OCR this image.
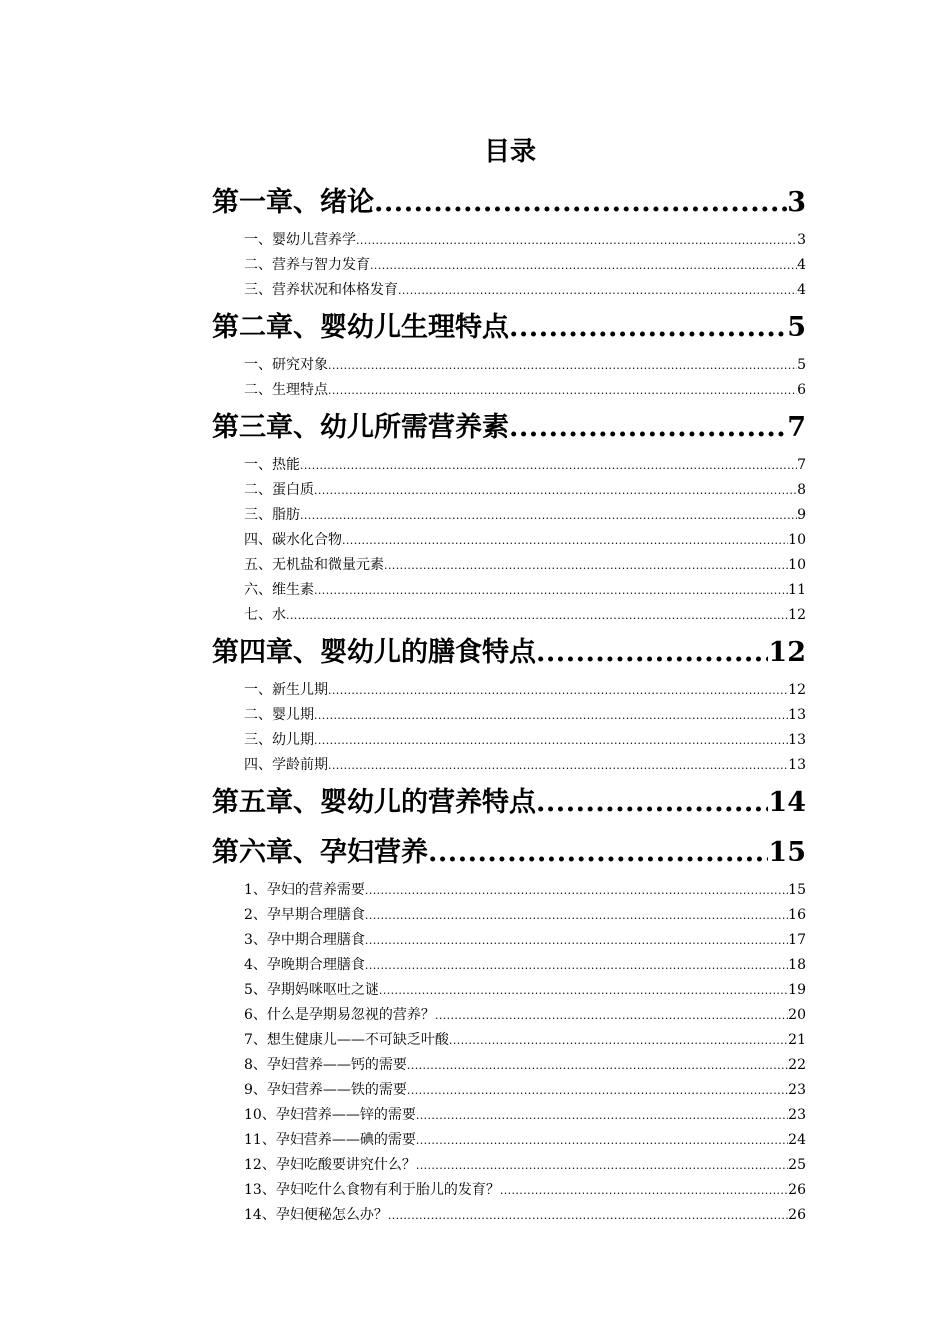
目录
第一章、绪论 .....	3
一、婴幼儿营养学 .....	3
二、营养与智力发育 .....	4
三、营养状况和体格发育 .....	4
第二章、婴幼儿生理特点 .....	5
一、研究对象 .....	5
二、生理特点 .....	6
第三章、幼儿所需营养素 .....	7
一、热能 .....	7
二、蛋白质 .....	8
三、脂肪 .....	9
四、碳水化合物 .....	10
五、无机盐和微量元素 .....	10
六、维生素 .....	11
七、水 .....	12
第四章、婴幼儿的膳食特点 .....	12
一、新生儿期 .....	12
二、婴儿期 .....	13
三、幼儿期 .....	13
四、学龄前期 .....	13
第五章、婴幼儿的营养特点 .....	14
第六章、孕妇营养 .....	15
1、孕妇的营养需要 .....	15
2、孕早期合理膳食 .....	16
3、孕中期合理膳食 .....	17
4、孕晚期合理膳食 .....	18
5、孕期妈咪呕吐之谜 .....	19
6、什么是孕期易忽视的营养？ .....	20
7、想生健康儿——不可缺乏叶酸 .....	21
8、孕妇营养——钙的需要 .....	22
9、孕妇营养——铁的需要 .....	23
10、孕妇营养——锌的需要 .....	23
11、孕妇营养——碘的需要 .....	24
12、孕妇吃酸要讲究什么？ .....	25
13、孕妇吃什么食物有利于胎儿的发育？ .....	26
14、孕妇便秘怎么办？ .....	26
